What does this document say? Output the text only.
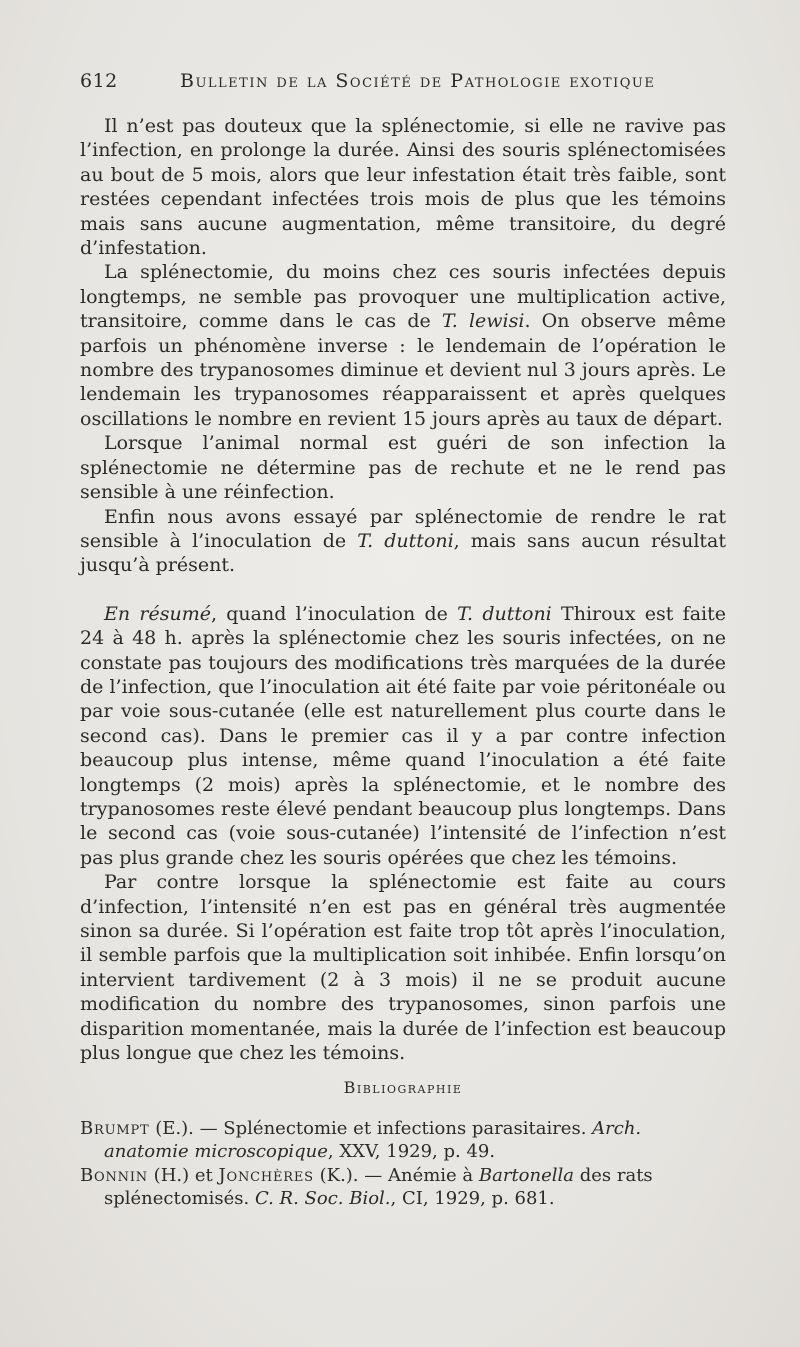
612	Bulletin de la Société de Pathologie exotique

Il n’est pas douteux que la splénectomie, si elle ne ravive pas l’infection, en prolonge la durée. Ainsi des souris splénectomisées au bout de 5 mois, alors que leur infestation était très faible, sont restées cependant infectées trois mois de plus que les témoins mais sans aucune augmentation, même transitoire, du degré d’infestation.

La splénectomie, du moins chez ces souris infectées depuis longtemps, ne semble pas provoquer une multiplication active, transitoire, comme dans le cas de T. lewisi. On observe même parfois un phénomène inverse : le lendemain de l’opération le nombre des trypanosomes diminue et devient nul 3 jours après. Le lendemain les trypanosomes réapparaissent et après quelques oscillations le nombre en revient 15 jours après au taux de départ.

Lorsque l’animal normal est guéri de son infection la splénectomie ne détermine pas de rechute et ne le rend pas sensible à une réinfection.

Enfin nous avons essayé par splénectomie de rendre le rat sensible à l’inoculation de T. duttoni, mais sans aucun résultat jusqu’à présent.

En résumé, quand l’inoculation de T. duttoni Thiroux est faite 24 à 48 h. après la splénectomie chez les souris infectées, on ne constate pas toujours des modifications très marquées de la durée de l’infection, que l’inoculation ait été faite par voie péritonéale ou par voie sous-cutanée (elle est naturellement plus courte dans le second cas). Dans le premier cas il y a par contre infection beaucoup plus intense, même quand l’inoculation a été faite longtemps (2 mois) après la splénectomie, et le nombre des trypanosomes reste élevé pendant beaucoup plus longtemps. Dans le second cas (voie sous-cutanée) l’intensité de l’infection n’est pas plus grande chez les souris opérées que chez les témoins.

Par contre lorsque la splénectomie est faite au cours d’infection, l’intensité n’en est pas en général très augmentée sinon sa durée. Si l’opération est faite trop tôt après l’inoculation, il semble parfois que la multiplication soit inhibée. Enfin lorsqu’on intervient tardivement (2 à 3 mois) il ne se produit aucune modification du nombre des trypanosomes, sinon parfois une disparition momentanée, mais la durée de l’infection est beaucoup plus longue que chez les témoins.

Bibliographie

Brumpt (E.). — Splénectomie et infections parasitaires. Arch. anatomie microscopique, XXV, 1929, p. 49.

Bonnin (H.) et Jonchères (K.). — Anémie à Bartonella des rats splénectomisés. C. R. Soc. Biol., CI, 1929, p. 681.
